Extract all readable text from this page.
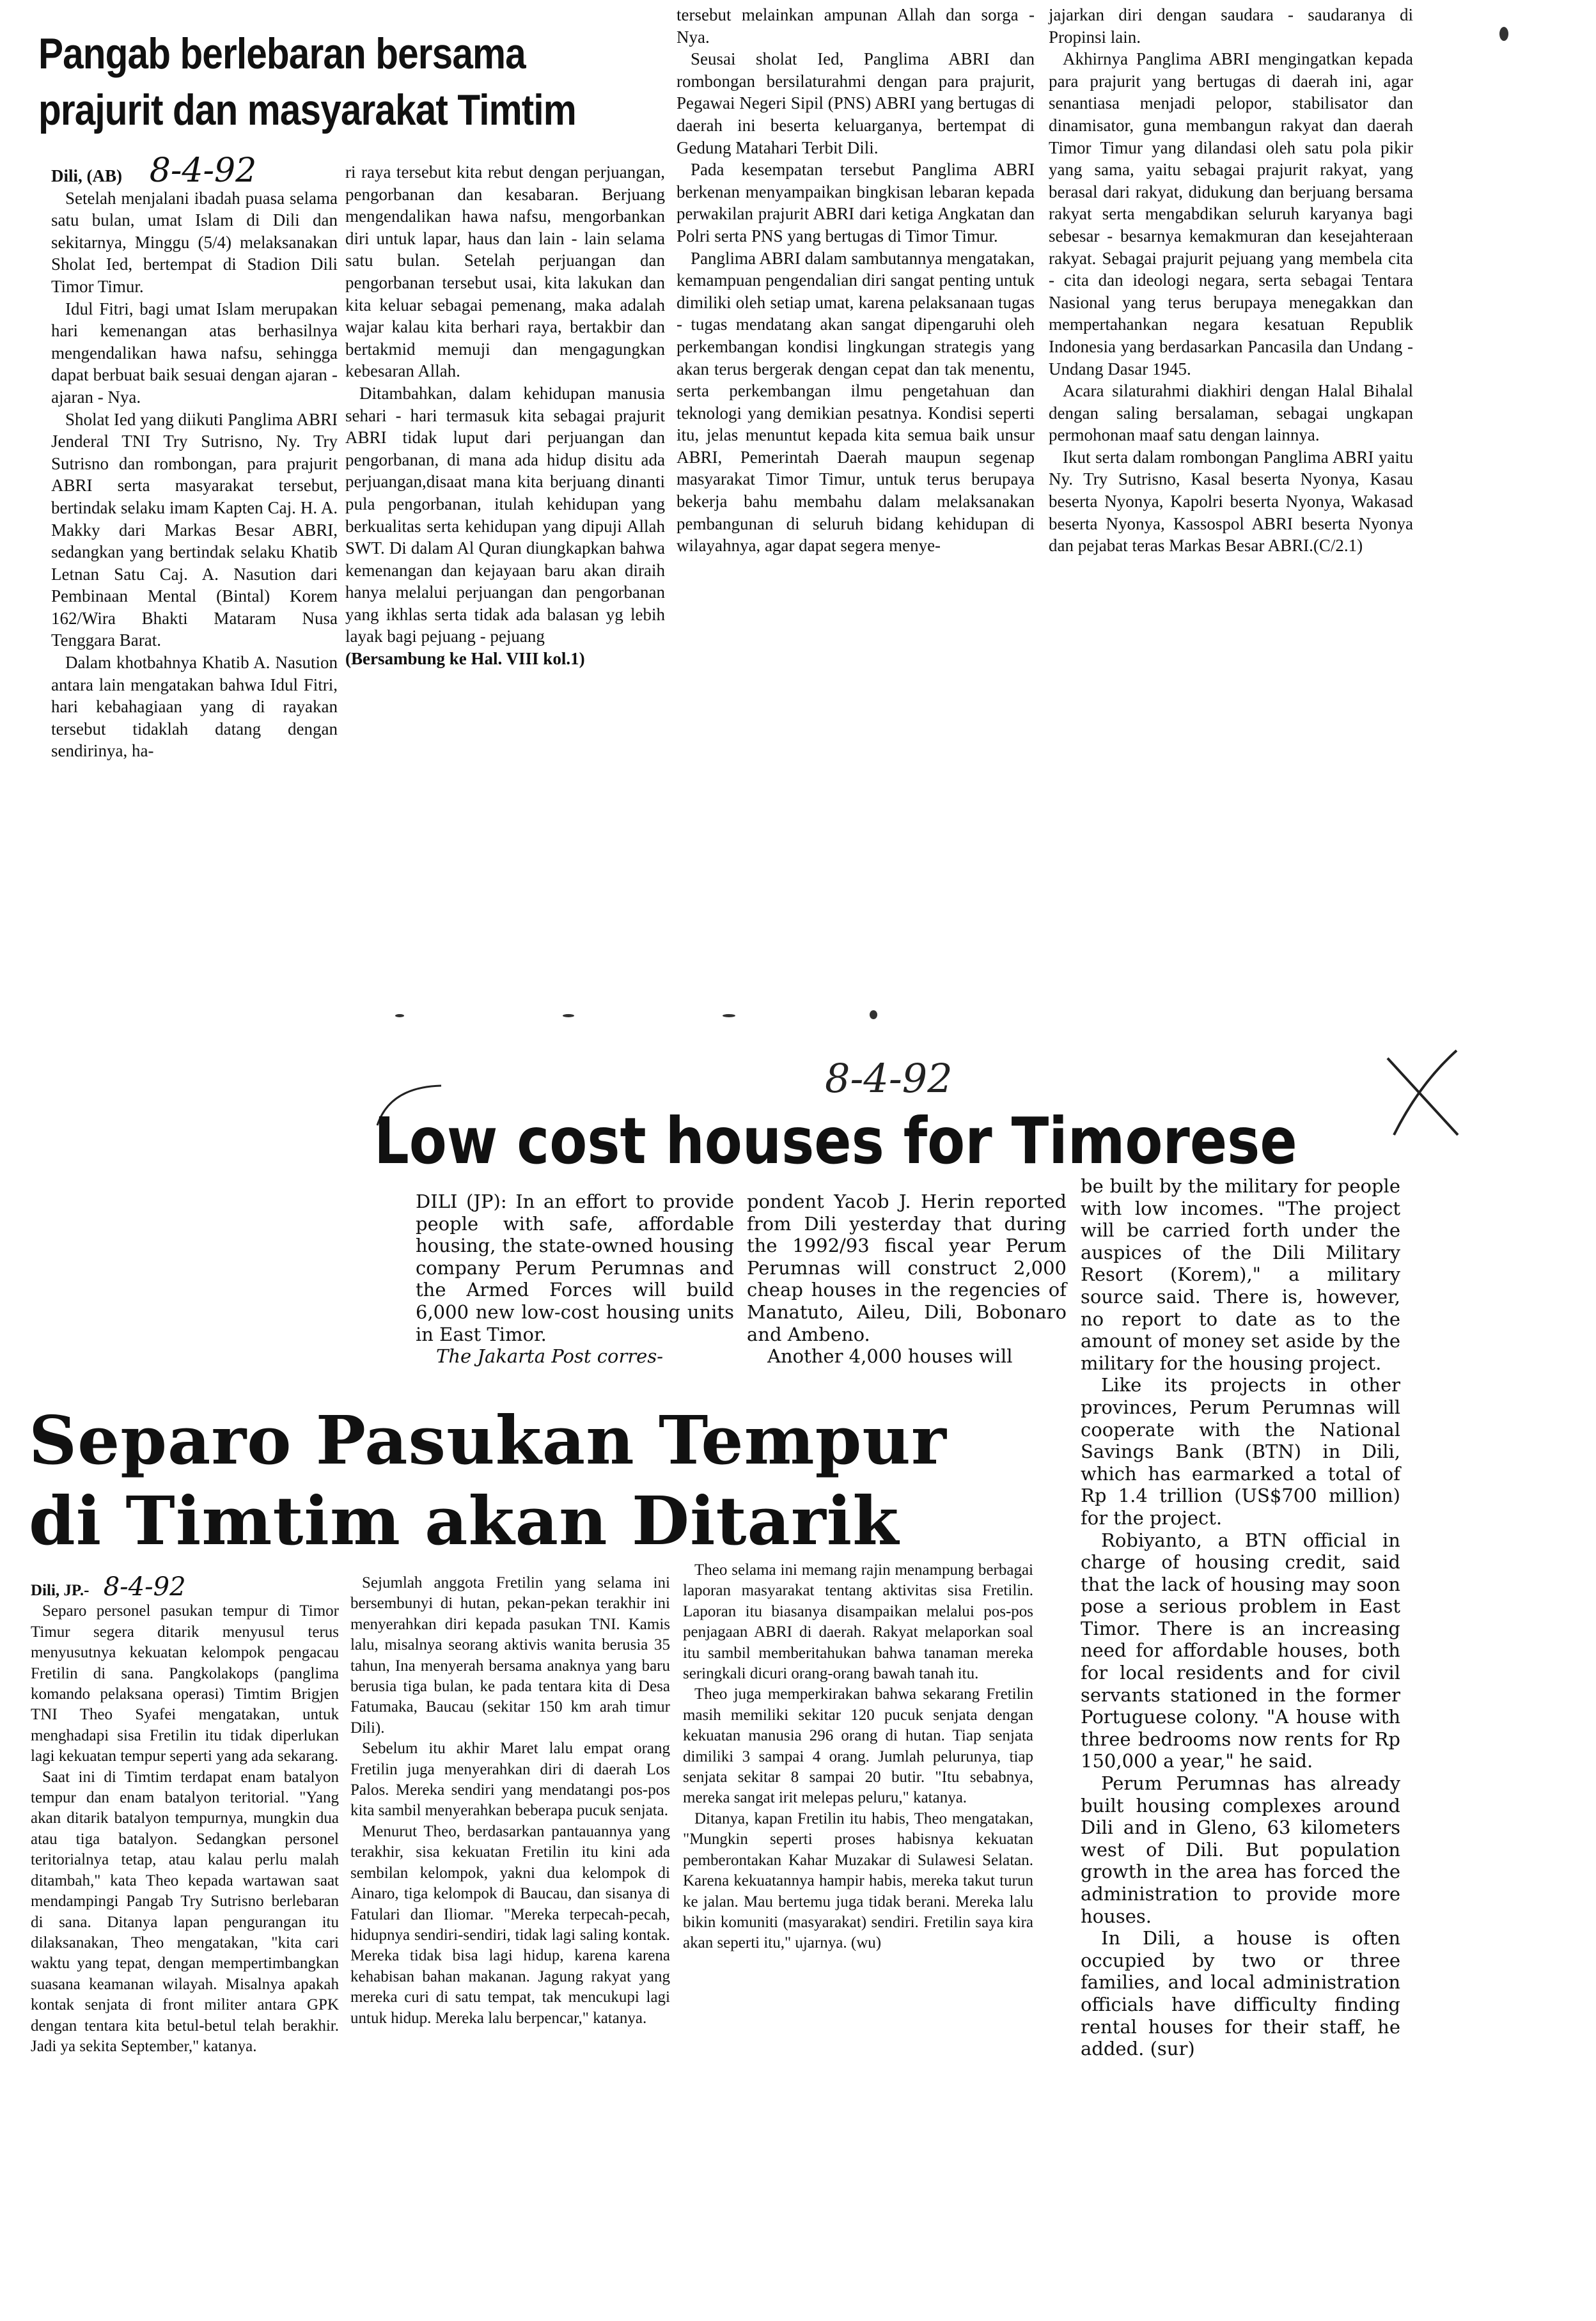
Pangab berlebaran bersama
prajurit dan masyarakat Timtim

Dili, (AB) 8-4-92

Setelah menjalani ibadah puasa selama satu bulan, umat Islam di Dili dan sekitarnya, Minggu (5/4) melaksanakan Sholat Ied, bertempat di Stadion Dili Timor Timur.

Idul Fitri, bagi umat Islam merupakan hari kemenangan atas berhasilnya mengendalikan hawa nafsu, sehingga dapat berbuat baik sesuai dengan ajaran - ajaran - Nya.

Sholat Ied yang diikuti Panglima ABRI Jenderal TNI Try Sutrisno, Ny. Try Sutrisno dan rombongan, para prajurit ABRI serta masyarakat tersebut, bertindak selaku imam Kapten Caj. H. A. Makky dari Markas Besar ABRI, sedangkan yang bertindak selaku Khatib Letnan Satu Caj. A. Nasution dari Pembinaan Mental (Bintal) Korem 162/Wira Bhakti Mataram Nusa Tenggara Barat.

Dalam khotbahnya Khatib A. Nasution antara lain mengatakan bahwa Idul Fitri, hari kebahagiaan yang di rayakan tersebut tidaklah datang dengan sendirinya, ha-

ri raya tersebut kita rebut dengan perjuangan, pengorbanan dan kesabaran. Berjuang mengendalikan hawa nafsu, mengorbankan diri untuk lapar, haus dan lain - lain selama satu bulan. Setelah perjuangan dan pengorbanan tersebut usai, kita lakukan dan kita keluar sebagai pemenang, maka adalah wajar kalau kita berhari raya, bertakbir dan bertakmid memuji dan mengagungkan kebesaran Allah.

Ditambahkan, dalam kehidupan manusia sehari - hari termasuk kita sebagai prajurit ABRI tidak luput dari perjuangan dan pengorbanan, di mana ada hidup disitu ada perjuangan,disaat mana kita berjuang dinanti pula pengorbanan, itulah kehidupan yang berkualitas serta kehidupan yang dipuji Allah SWT. Di dalam Al Quran diungkapkan bahwa kemenangan dan kejayaan baru akan diraih hanya melalui perjuangan dan pengorbanan yang ikhlas serta tidak ada balasan yg lebih layak bagi pejuang - pejuang

(Bersambung ke Hal. VIII kol.1)

tersebut melainkan ampunan Allah dan sorga - Nya.

Seusai sholat Ied, Panglima ABRI dan rombongan bersilaturahmi dengan para prajurit, Pegawai Negeri Sipil (PNS) ABRI yang bertugas di daerah ini beserta keluarganya, bertempat di Gedung Matahari Terbit Dili.

Pada kesempatan tersebut Panglima ABRI berkenan menyampaikan bingkisan lebaran kepada perwakilan prajurit ABRI dari ketiga Angkatan dan Polri serta PNS yang bertugas di Timor Timur.

Panglima ABRI dalam sambutannya mengatakan, kemampuan pengendalian diri sangat penting untuk dimiliki oleh setiap umat, karena pelaksanaan tugas - tugas mendatang akan sangat dipengaruhi oleh perkembangan kondisi lingkungan strategis yang akan terus bergerak dengan cepat dan tak menentu, serta perkembangan ilmu pengetahuan dan teknologi yang demikian pesatnya. Kondisi seperti itu, jelas menuntut kepada kita semua baik unsur ABRI, Pemerintah Daerah maupun segenap masyarakat Timor Timur, untuk terus berupaya bekerja bahu membahu dalam melaksanakan pembangunan di seluruh bidang kehidupan di wilayahnya, agar dapat segera menye-

jajarkan diri dengan saudara - saudaranya di Propinsi lain.

Akhirnya Panglima ABRI mengingatkan kepada para prajurit yang bertugas di daerah ini, agar senantiasa menjadi pelopor, stabilisator dan dinamisator, guna membangun rakyat dan daerah Timor Timur yang dilandasi oleh satu pola pikir yang sama, yaitu sebagai prajurit rakyat, yang berasal dari rakyat, didukung dan berjuang bersama rakyat serta mengabdikan seluruh karyanya bagi sebesar - besarnya kemakmuran dan kesejahteraan rakyat. Sebagai prajurit pejuang yang membela cita - cita dan ideologi negara, serta sebagai Tentara Nasional yang terus berupaya menegakkan dan mempertahankan negara kesatuan Republik Indonesia yang berdasarkan Pancasila dan Undang - Undang Dasar 1945.

Acara silaturahmi diakhiri dengan Halal Bihalal dengan saling bersalaman, sebagai ungkapan permohonan maaf satu dengan lainnya.

Ikut serta dalam rombongan Panglima ABRI yaitu Ny. Try Sutrisno, Kasal beserta Nyonya, Kasau beserta Nyonya, Kapolri beserta Nyonya, Wakasad beserta Nyonya, Kassospol ABRI beserta Nyonya dan pejabat teras Markas Besar ABRI.(C/2.1)

8-4-92
Low cost houses for Timorese

DILI (JP): In an effort to provide people with safe, affordable housing, the state-owned housing company Perum Perumnas and the Armed Forces will build 6,000 new low-cost housing units in East Timor.

The Jakarta Post corres-

pondent Yacob J. Herin reported from Dili yesterday that during the 1992/93 fiscal year Perum Perumnas will construct 2,000 cheap houses in the regencies of Manatuto, Aileu, Dili, Bobonaro and Ambeno.

Another 4,000 houses will

be built by the military for people with low incomes. "The project will be carried forth under the auspices of the Dili Military Resort (Korem)," a military source said. There is, however, no report to date as to the amount of money set aside by the military for the housing project.

Like its projects in other provinces, Perum Perumnas will cooperate with the National Savings Bank (BTN) in Dili, which has earmarked a total of Rp 1.4 trillion (US$700 million) for the project.

Robiyanto, a BTN official in charge of housing credit, said that the lack of housing may soon pose a serious problem in East Timor. There is an increasing need for affordable houses, both for local residents and for civil servants stationed in the former Portuguese colony. "A house with three bedrooms now rents for Rp 150,000 a year," he said.

Perum Perumnas has already built housing complexes around Dili and in Gleno, 63 kilometers west of Dili. But population growth in the area has forced the administration to provide more houses.

In Dili, a house is often occupied by two or three families, and local administration officials have difficulty finding rental houses for their staff, he added. (sur)

Separo Pasukan Tempur
di Timtim akan Ditarik

Dili, JP.- 8-4-92

Separo personel pasukan tempur di Timor Timur segera ditarik menyusul terus menyusutnya kekuatan kelompok pengacau Fretilin di sana. Pangkolakops (panglima komando pelaksana operasi) Timtim Brigjen TNI Theo Syafei mengatakan, untuk menghadapi sisa Fretilin itu tidak diperlukan lagi kekuatan tempur seperti yang ada sekarang.

Saat ini di Timtim terdapat enam batalyon tempur dan enam batalyon teritorial. "Yang akan ditarik batalyon tempurnya, mungkin dua atau tiga batalyon. Sedangkan personel teritorialnya tetap, atau kalau perlu malah ditambah," kata Theo kepada wartawan saat mendampingi Pangab Try Sutrisno berlebaran di sana. Ditanya lapan pengurangan itu dilaksanakan, Theo mengatakan, "kita cari waktu yang tepat, dengan mempertimbangkan suasana keamanan wilayah. Misalnya apakah kontak senjata di front militer antara GPK dengan tentara kita betul-betul telah berakhir. Jadi ya sekita September," katanya.

Sejumlah anggota Fretilin yang selama ini bersembunyi di hutan, pekan-pekan terakhir ini menyerahkan diri kepada pasukan TNI. Kamis lalu, misalnya seorang aktivis wanita berusia 35 tahun, Ina menyerah bersama anaknya yang baru berusia tiga bulan, ke pada tentara kita di Desa Fatumaka, Baucau (sekitar 150 km arah timur Dili).

Sebelum itu akhir Maret lalu empat orang Fretilin juga menyerahkan diri di daerah Los Palos. Mereka sendiri yang mendatangi pos-pos kita sambil menyerahkan beberapa pucuk senjata.

Menurut Theo, berdasarkan pantauannya yang terakhir, sisa kekuatan Fretilin itu kini ada sembilan kelompok, yakni dua kelompok di Ainaro, tiga kelompok di Baucau, dan sisanya di Fatulari dan Iliomar. "Mereka terpecah-pecah, hidupnya sendiri-sendiri, tidak lagi saling kontak. Mereka tidak bisa lagi hidup, karena karena kehabisan bahan makanan. Jagung rakyat yang mereka curi di satu tempat, tak mencukupi lagi untuk hidup. Mereka lalu berpencar," katanya.

Theo selama ini memang rajin menampung berbagai laporan masyarakat tentang aktivitas sisa Fretilin. Laporan itu biasanya disampaikan melalui pos-pos penjagaan ABRI di daerah. Rakyat melaporkan soal itu sambil memberitahukan bahwa tanaman mereka seringkali dicuri orang-orang bawah tanah itu.

Theo juga memperkirakan bahwa sekarang Fretilin masih memiliki sekitar 120 pucuk senjata dengan kekuatan manusia 296 orang di hutan. Tiap senjata dimiliki 3 sampai 4 orang. Jumlah pelurunya, tiap senjata sekitar 8 sampai 20 butir. "Itu sebabnya, mereka sangat irit melepas peluru," katanya.

Ditanya, kapan Fretilin itu habis, Theo mengatakan, "Mungkin seperti proses habisnya kekuatan pemberontakan Kahar Muzakar di Sulawesi Selatan. Karena kekuatannya hampir habis, mereka takut turun ke jalan. Mau bertemu juga tidak berani. Mereka lalu bikin komuniti (masyarakat) sendiri. Fretilin saya kira akan seperti itu," ujarnya. (wu)
